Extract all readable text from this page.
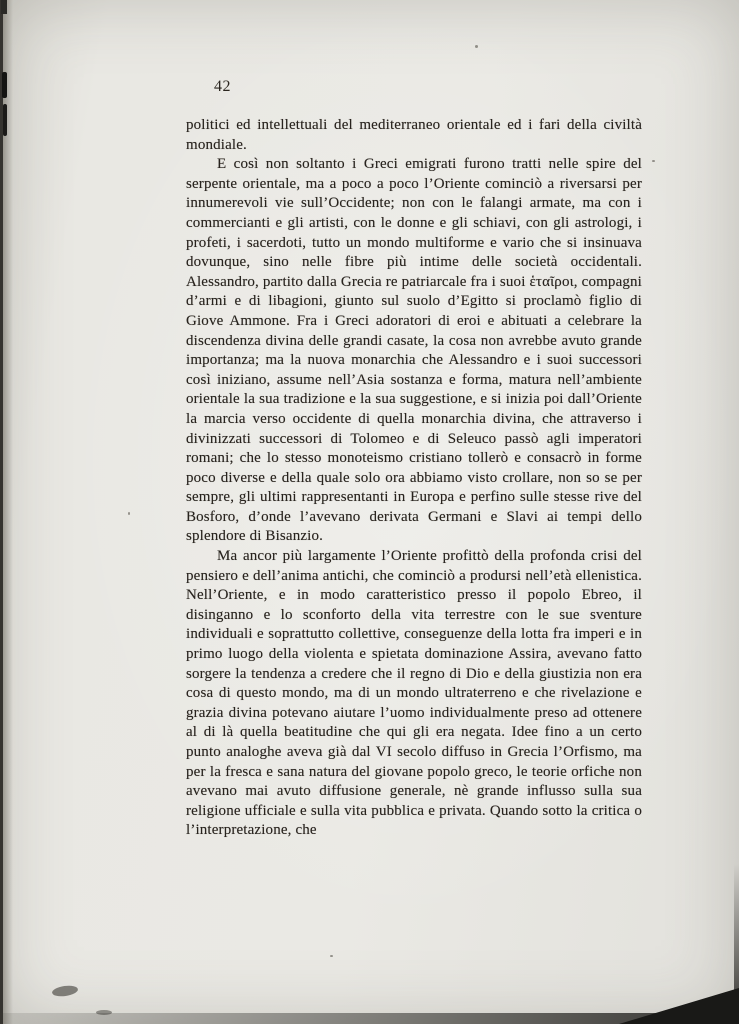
42

politici ed intellettuali del mediterraneo orientale ed i fari della civiltà mondiale.

E così non soltanto i Greci emigrati furono tratti nelle spire del serpente orientale, ma a poco a poco l’Oriente cominciò a riversarsi per innumerevoli vie sull’Occidente; non con le falangi armate, ma con i commercianti e gli artisti, con le donne e gli schiavi, con gli astrologi, i profeti, i sacerdoti, tutto un mondo multiforme e vario che si insinuava dovunque, sino nelle fibre più intime delle società occidentali. Alessandro, partito dalla Grecia re patriarcale fra i suoi ἑταῖροι, compagni d’armi e di libagioni, giunto sul suolo d’Egitto si proclamò figlio di Giove Ammone. Fra i Greci adoratori di eroi e abituati a celebrare la discendenza divina delle grandi casate, la cosa non avrebbe avuto grande importanza; ma la nuova monarchia che Alessandro e i suoi successori così iniziano, assume nell’Asia sostanza e forma, matura nell’ambiente orientale la sua tradizione e la sua suggestione, e si inizia poi dall’Oriente la marcia verso occidente di quella monarchia divina, che attraverso i divinizzati successori di Tolomeo e di Seleuco passò agli imperatori romani; che lo stesso monoteismo cristiano tollerò e consacrò in forme poco diverse e della quale solo ora abbiamo visto crollare, non so se per sempre, gli ultimi rappresentanti in Europa e perfino sulle stesse rive del Bosforo, d’onde l’avevano derivata Germani e Slavi ai tempi dello splendore di Bisanzio.

Ma ancor più largamente l’Oriente profittò della profonda crisi del pensiero e dell’anima antichi, che cominciò a prodursi nell’età ellenistica. Nell’Oriente, e in modo caratteristico presso il popolo Ebreo, il disinganno e lo sconforto della vita terrestre con le sue sventure individuali e soprattutto collettive, conseguenze della lotta fra imperi e in primo luogo della violenta e spietata dominazione Assira, avevano fatto sorgere la tendenza a credere che il regno di Dio e della giustizia non era cosa di questo mondo, ma di un mondo ultraterreno e che rivelazione e grazia divina potevano aiutare l’uomo individualmente preso ad ottenere al di là quella beatitudine che qui gli era negata. Idee fino a un certo punto analoghe aveva già dal VI secolo diffuso in Grecia l’Orfismo, ma per la fresca e sana natura del giovane popolo greco, le teorie orfiche non avevano mai avuto diffusione generale, nè grande influsso sulla sua religione ufficiale e sulla vita pubblica e privata. Quando sotto la critica o l’interpretazione, che
